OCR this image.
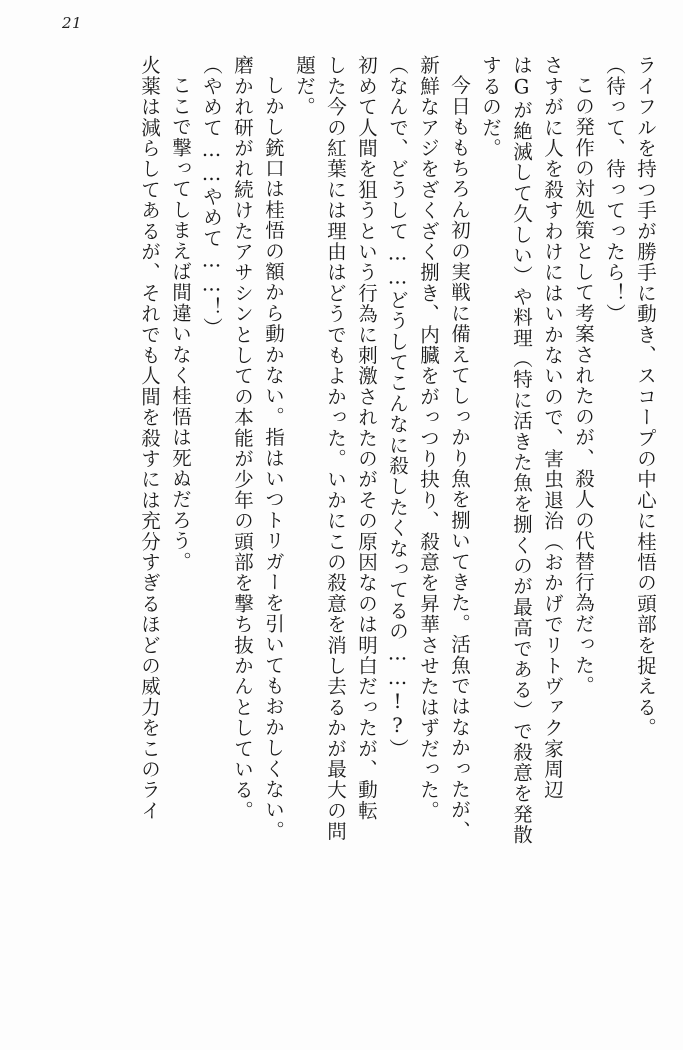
21
ライフルを持つ手が勝手に動き、スコープの中心に桂悟の頭部を捉える。
（待って、待ってったら！）
この発作の対処策として考案されたのが、殺人の代替行為だった。
さすがに人を殺すわけにはいかないので、害虫退治（おかげでリトヴァク家周辺
はGが絶滅して久しい）や料理（特に活きた魚を捌くのが最高である）で殺意を発散
するのだ。
今日ももちろん初の実戦に備えてしっかり魚を捌いてきた。活魚ではなかったが、
新鮮なアジをざくざく捌き、内臓をがっつり抉り、殺意を昇華させたはずだった。
（なんで、どうして……どうしてこんなに殺したくなってるの……!?）
初めて人間を狙うという行為に刺激されたのがその原因なのは明白だったが、動転
した今の紅葉には理由はどうでもよかった。いかにこの殺意を消し去るかが最大の問
題だ。
しかし銃口は桂悟の額から動かない。指はいつトリガーを引いてもおかしくない。
磨かれ研がれ続けたアサシンとしての本能が少年の頭部を撃ち抜かんとしている。
（やめて……やめて……！）
ここで撃ってしまえば間違いなく桂悟は死ぬだろう。
火薬は減らしてあるが、それでも人間を殺すには充分すぎるほどの威力をこのライ
